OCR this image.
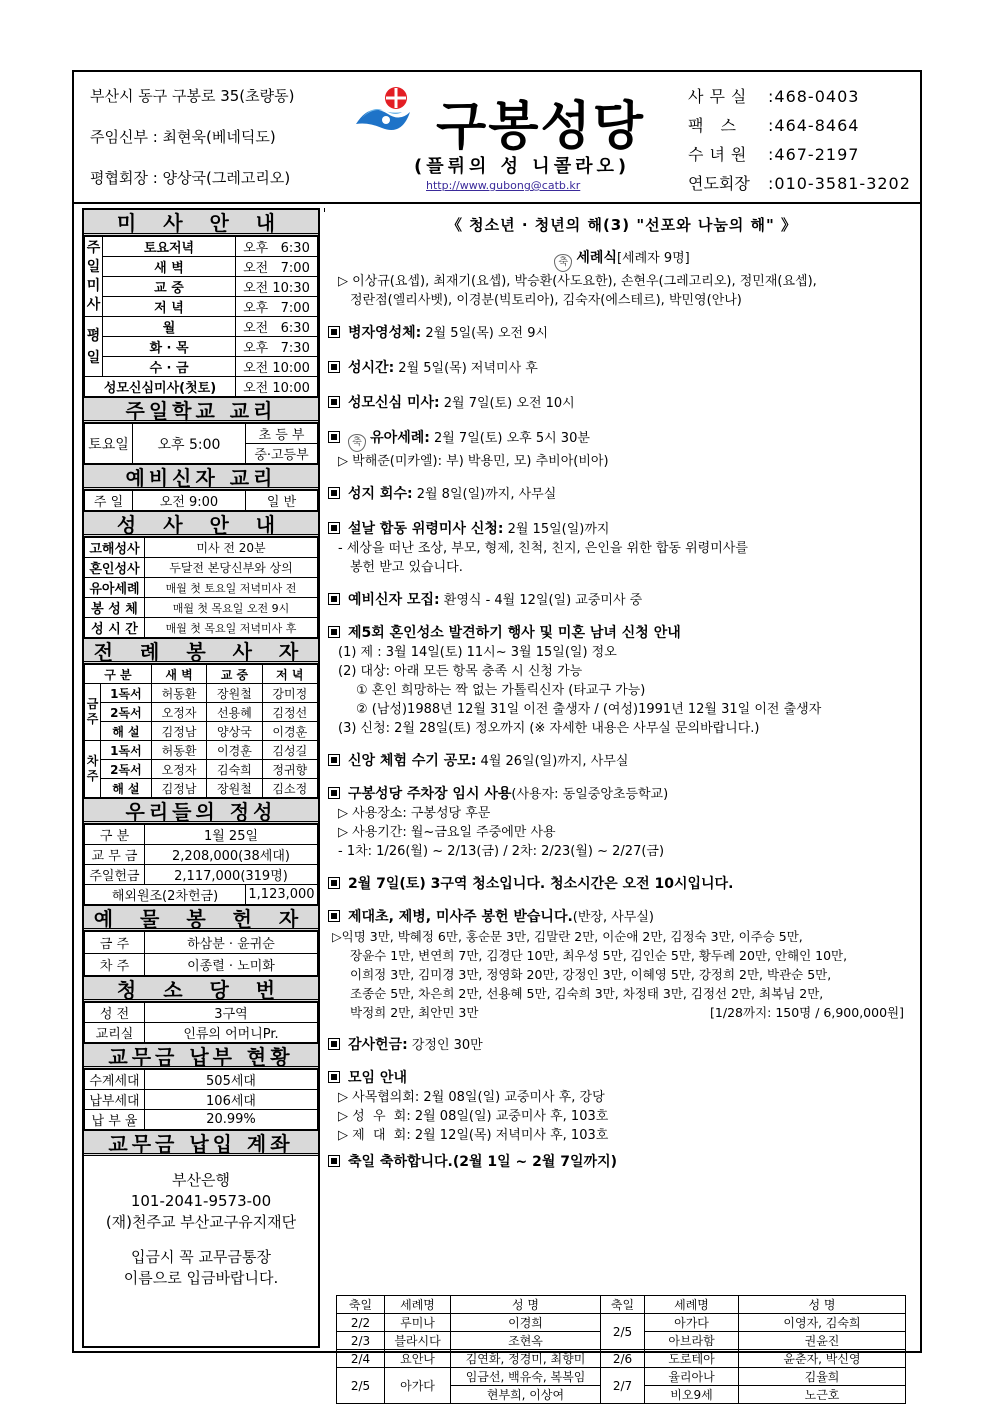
부산시 동구 구봉로 35(초량동)
주임신부 : 최현욱(베네딕도)
평협회장 : 양상국(그레고리오)
구봉성당
(플뤼의 성 니콜라오)
http://www.gubong@catb.kr
사무실 :468-0403
팩 스 :464-8464
수녀원 :467-2197
연도회장 :010-3581-3202
미 사 안 내
주
일
미
사	토요저녁	오후 6:30
	새 벽	오전 7:00
	교 중	오전 10:30
	저 녁	오후 7:00
평
일	월	오전 6:30
	화 · 목	오후 7:30
	수 · 금	오전 10:00
성모신심미사(첫토)		오전 10:00
주일학교 교리
토요일	오후 5:00	초 등 부
중·고등부
예비신자 교리
주 일	오전 9:00	일 반
성 사 안 내
고해성사	미사 전 20분
혼인성사	두달전 본당신부와 상의
유아세례	매월 첫 토요일 저녁미사 전
봉 성 체	매월 첫 목요일 오전 9시
성 시 간	매월 첫 목요일 저녁미사 후
전 례 봉 사 자
구 분		새 벽	교 중	저 녁
금주	1독서	허동환	장원철	강미정
	2독서	오정자	선용혜	김정선
	해 설	김정남	양상국	이경훈
차주	1독서	허동환	이경훈	김성길
	2독서	오정자	김숙희	정귀향
	해 설	김정남	장원철	김소정
우리들의 정성
구 분	1월 25일	
교 무 금	2,208,000(38세대)	
주일헌금	2,117,000(319명)	
해외원조(2차헌금)		1,123,000
예 물 봉 헌 자
금 주	하삼분 · 윤귀순
차 주	이종렬 · 노미화
청 소 당 번
성 전	3구역
교리실	인류의 어머니Pr.
교무금 납부 현황
수계세대	505세대
납부세대	106세대
납 부 율	20.99%
교무금 납입 계좌

부산은행

101-2041-9573-00

(재)천주교 부산교구유지재단

입금시 꼭 교무금통장

이름으로 입금바랍니다.

《 청소년 · 청년의 해(3) "선포와 나눔의 해" 》
축 세례식[세례자 9명]
▷ 이상규(요셉), 최재기(요셉), 박승환(사도요한), 손현우(그레고리오), 정민재(요셉),
정란점(엘리사벳), 이경분(빅토리아), 김숙자(에스테르), 박민영(안나)
병자영성체: 2월 5일(목) 오전 9시
성시간: 2월 5일(목) 저녁미사 후
성모신심 미사: 2월 7일(토) 오전 10시
축 유아세례: 2월 7일(토) 오후 5시 30분
▷ 박해준(미카엘): 부) 박용민, 모) 추비아(비아)
성지 회수: 2월 8일(일)까지, 사무실
설날 합동 위령미사 신청: 2월 15일(일)까지
- 세상을 떠난 조상, 부모, 형제, 친척, 친지, 은인을 위한 합동 위령미사를
봉헌 받고 있습니다.
예비신자 모집: 환영식 - 4월 12일(일) 교중미사 중
제5회 혼인성소 발견하기 행사 및 미혼 남녀 신청 안내
(1) 제 : 3월 14일(토) 11시~ 3월 15일(일) 정오
(2) 대상: 아래 모든 항목 충족 시 신청 가능
① 혼인 희망하는 짝 없는 가톨릭신자 (타교구 가능)
② (남성)1988년 12월 31일 이전 출생자 / (여성)1991년 12월 31일 이전 출생자
(3) 신청: 2월 28일(토) 정오까지 (※ 자세한 내용은 사무실 문의바랍니다.)
신앙 체험 수기 공모: 4월 26일(일)까지, 사무실
구봉성당 주차장 임시 사용(사용자: 동일중앙초등학교)
▷ 사용장소: 구봉성당 후문
▷ 사용기간: 월~금요일 주중에만 사용
- 1차: 1/26(월) ~ 2/13(금) / 2차: 2/23(월) ~ 2/27(금)
2월 7일(토) 3구역 청소입니다. 청소시간은 오전 10시입니다.
제대초, 제병, 미사주 봉헌 받습니다.(반장, 사무실)
▷익명 3만, 박혜정 6만, 홍순문 3만, 김말란 2만, 이순애 2만, 김정숙 3만, 이주승 5만,
장윤수 1만, 변연희 7만, 김경단 10만, 최우성 5만, 김인순 5만, 황두례 20만, 안해인 10만,
이희정 3만, 김미경 3만, 정영화 20만, 강정인 3만, 이혜영 5만, 강정희 2만, 박관순 5만,
조종순 5만, 차은희 2만, 선용혜 5만, 김숙희 3만, 차정태 3만, 김정선 2만, 최복님 2만,
박정희 2만, 최안민 3만	[1/28까지: 150명 / 6,900,000원]
감사헌금: 강정인 30만
모임 안내
▷ 사목협의회: 2월 08일(일) 교중미사 후, 강당
▷ 성  우  회: 2월 08일(일) 교중미사 후, 103호
▷ 제  대  회: 2월 12일(목) 저녁미사 후, 103호
축일 축하합니다.(2월 1일 ~ 2월 7일까지)
축일	세례명	성 명	축일	세례명	성 명
2/2	루미나	이경희	2/5	아가다	이영자, 김숙희
2/3	블라시다	조현옥		아브라함	권윤진
2/4	요안나	김연화, 정경미, 최향미	2/6	도로테아	윤춘자, 박신영
2/5	아가다	임금선, 백유숙, 복복임	2/7	율리아나	김율희
		현부희, 이상여		비오9세	노근호
